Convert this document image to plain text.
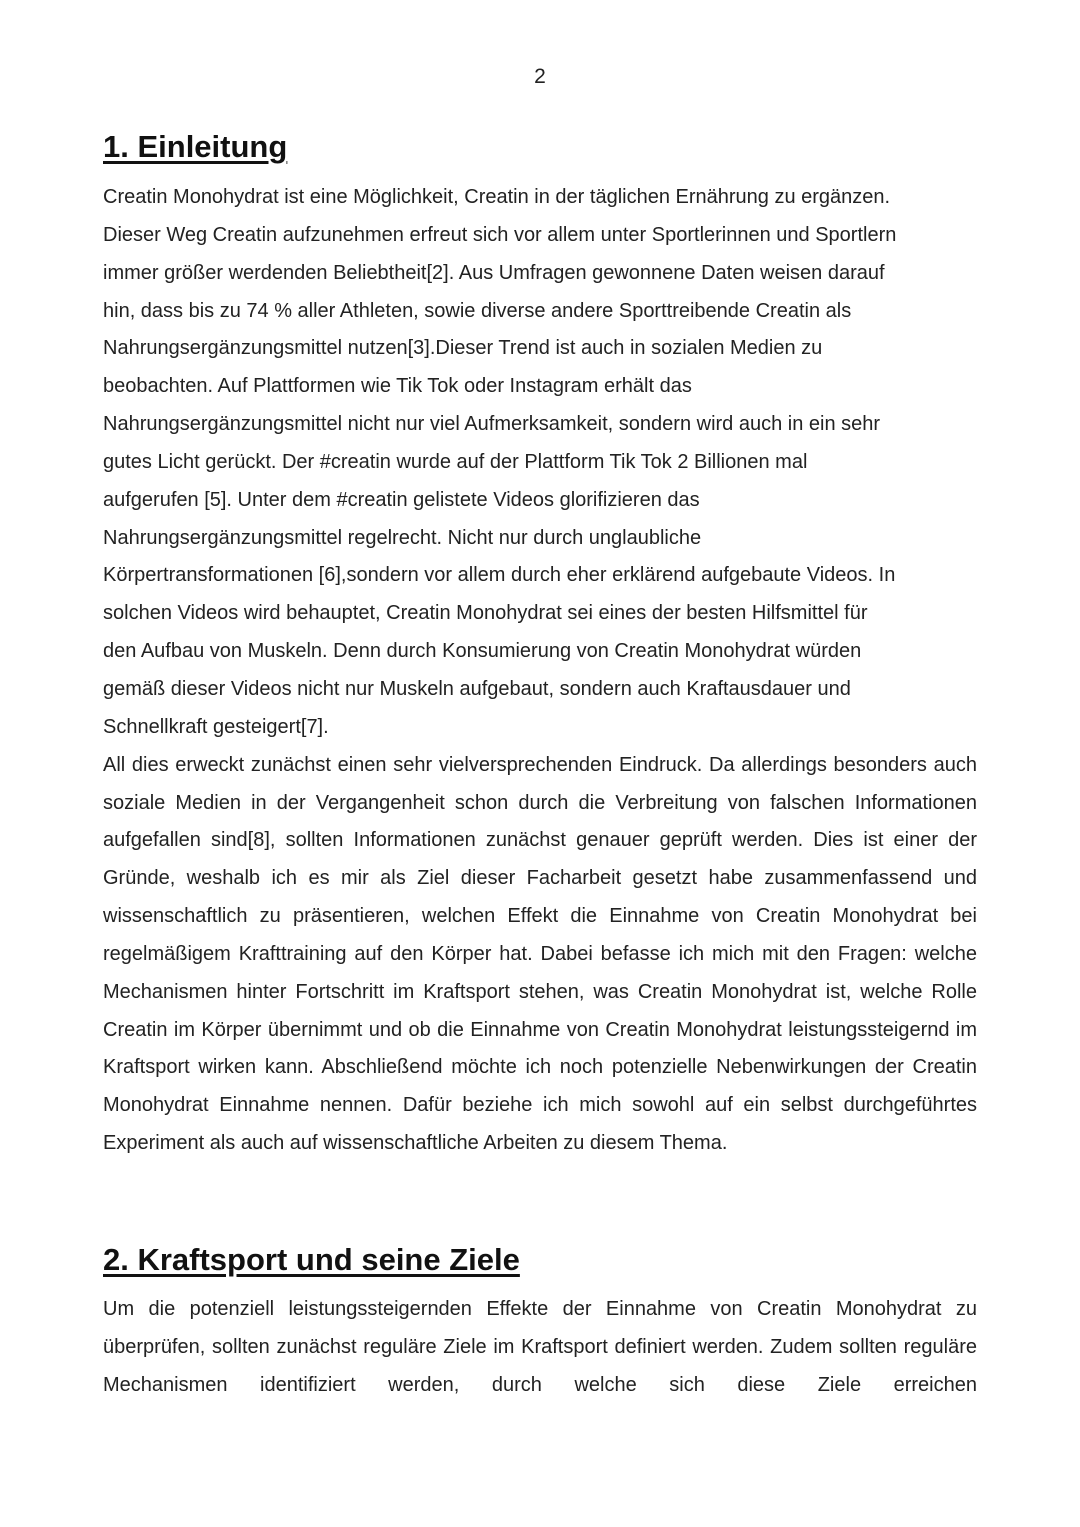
2
1. Einleitung
Creatin Monohydrat ist eine Möglichkeit, Creatin in der täglichen Ernährung zu ergänzen.
Dieser Weg Creatin aufzunehmen erfreut sich vor allem unter Sportlerinnen und Sportlern
immer größer werdenden Beliebtheit[2]. Aus Umfragen gewonnene Daten weisen darauf
hin, dass bis zu 74 % aller Athleten, sowie diverse andere Sporttreibende Creatin als
Nahrungsergänzungsmittel nutzen[3].Dieser Trend ist auch in sozialen Medien zu
beobachten. Auf Plattformen wie Tik Tok oder Instagram erhält das
Nahrungsergänzungsmittel nicht nur viel Aufmerksamkeit, sondern wird auch in ein sehr
gutes Licht gerückt. Der #creatin wurde auf der Plattform Tik Tok 2 Billionen mal
aufgerufen [5]. Unter dem #creatin gelistete Videos glorifizieren das
Nahrungsergänzungsmittel regelrecht. Nicht nur durch unglaubliche
Körpertransformationen [6],sondern vor allem durch eher erklärend aufgebaute Videos. In
solchen Videos wird behauptet, Creatin Monohydrat sei eines der besten Hilfsmittel für
den Aufbau von Muskeln. Denn durch Konsumierung von Creatin Monohydrat würden
gemäß dieser Videos nicht nur Muskeln aufgebaut, sondern auch Kraftausdauer und
Schnellkraft gesteigert[7].

All dies erweckt zunächst einen sehr vielversprechenden Eindruck. Da allerdings besonders auch soziale Medien in der Vergangenheit schon durch die Verbreitung von falschen Informationen aufgefallen sind[8], sollten Informationen zunächst genauer geprüft werden. Dies ist einer der Gründe, weshalb ich es mir als Ziel dieser Facharbeit gesetzt habe zusammenfassend und wissenschaftlich zu präsentieren, welchen Effekt die Einnahme von Creatin Monohydrat bei regelmäßigem Krafttraining auf den Körper hat. Dabei befasse ich mich mit den Fragen: welche Mechanismen hinter Fortschritt im Kraftsport stehen, was Creatin Monohydrat ist, welche Rolle Creatin im Körper übernimmt und ob die Einnahme von Creatin Monohydrat leistungssteigernd im Kraftsport wirken kann. Abschließend möchte ich noch potenzielle Nebenwirkungen der Creatin Monohydrat Einnahme nennen. Dafür beziehe ich mich sowohl auf ein selbst durchgeführtes Experiment als auch auf wissenschaftliche Arbeiten zu diesem Thema.

2. Kraftsport und seine Ziele

Um die potenziell leistungssteigernden Effekte der Einnahme von Creatin Monohydrat zu überprüfen, sollten zunächst reguläre Ziele im Kraftsport definiert werden. Zudem sollten reguläre Mechanismen identifiziert werden, durch welche sich diese Ziele erreichen
